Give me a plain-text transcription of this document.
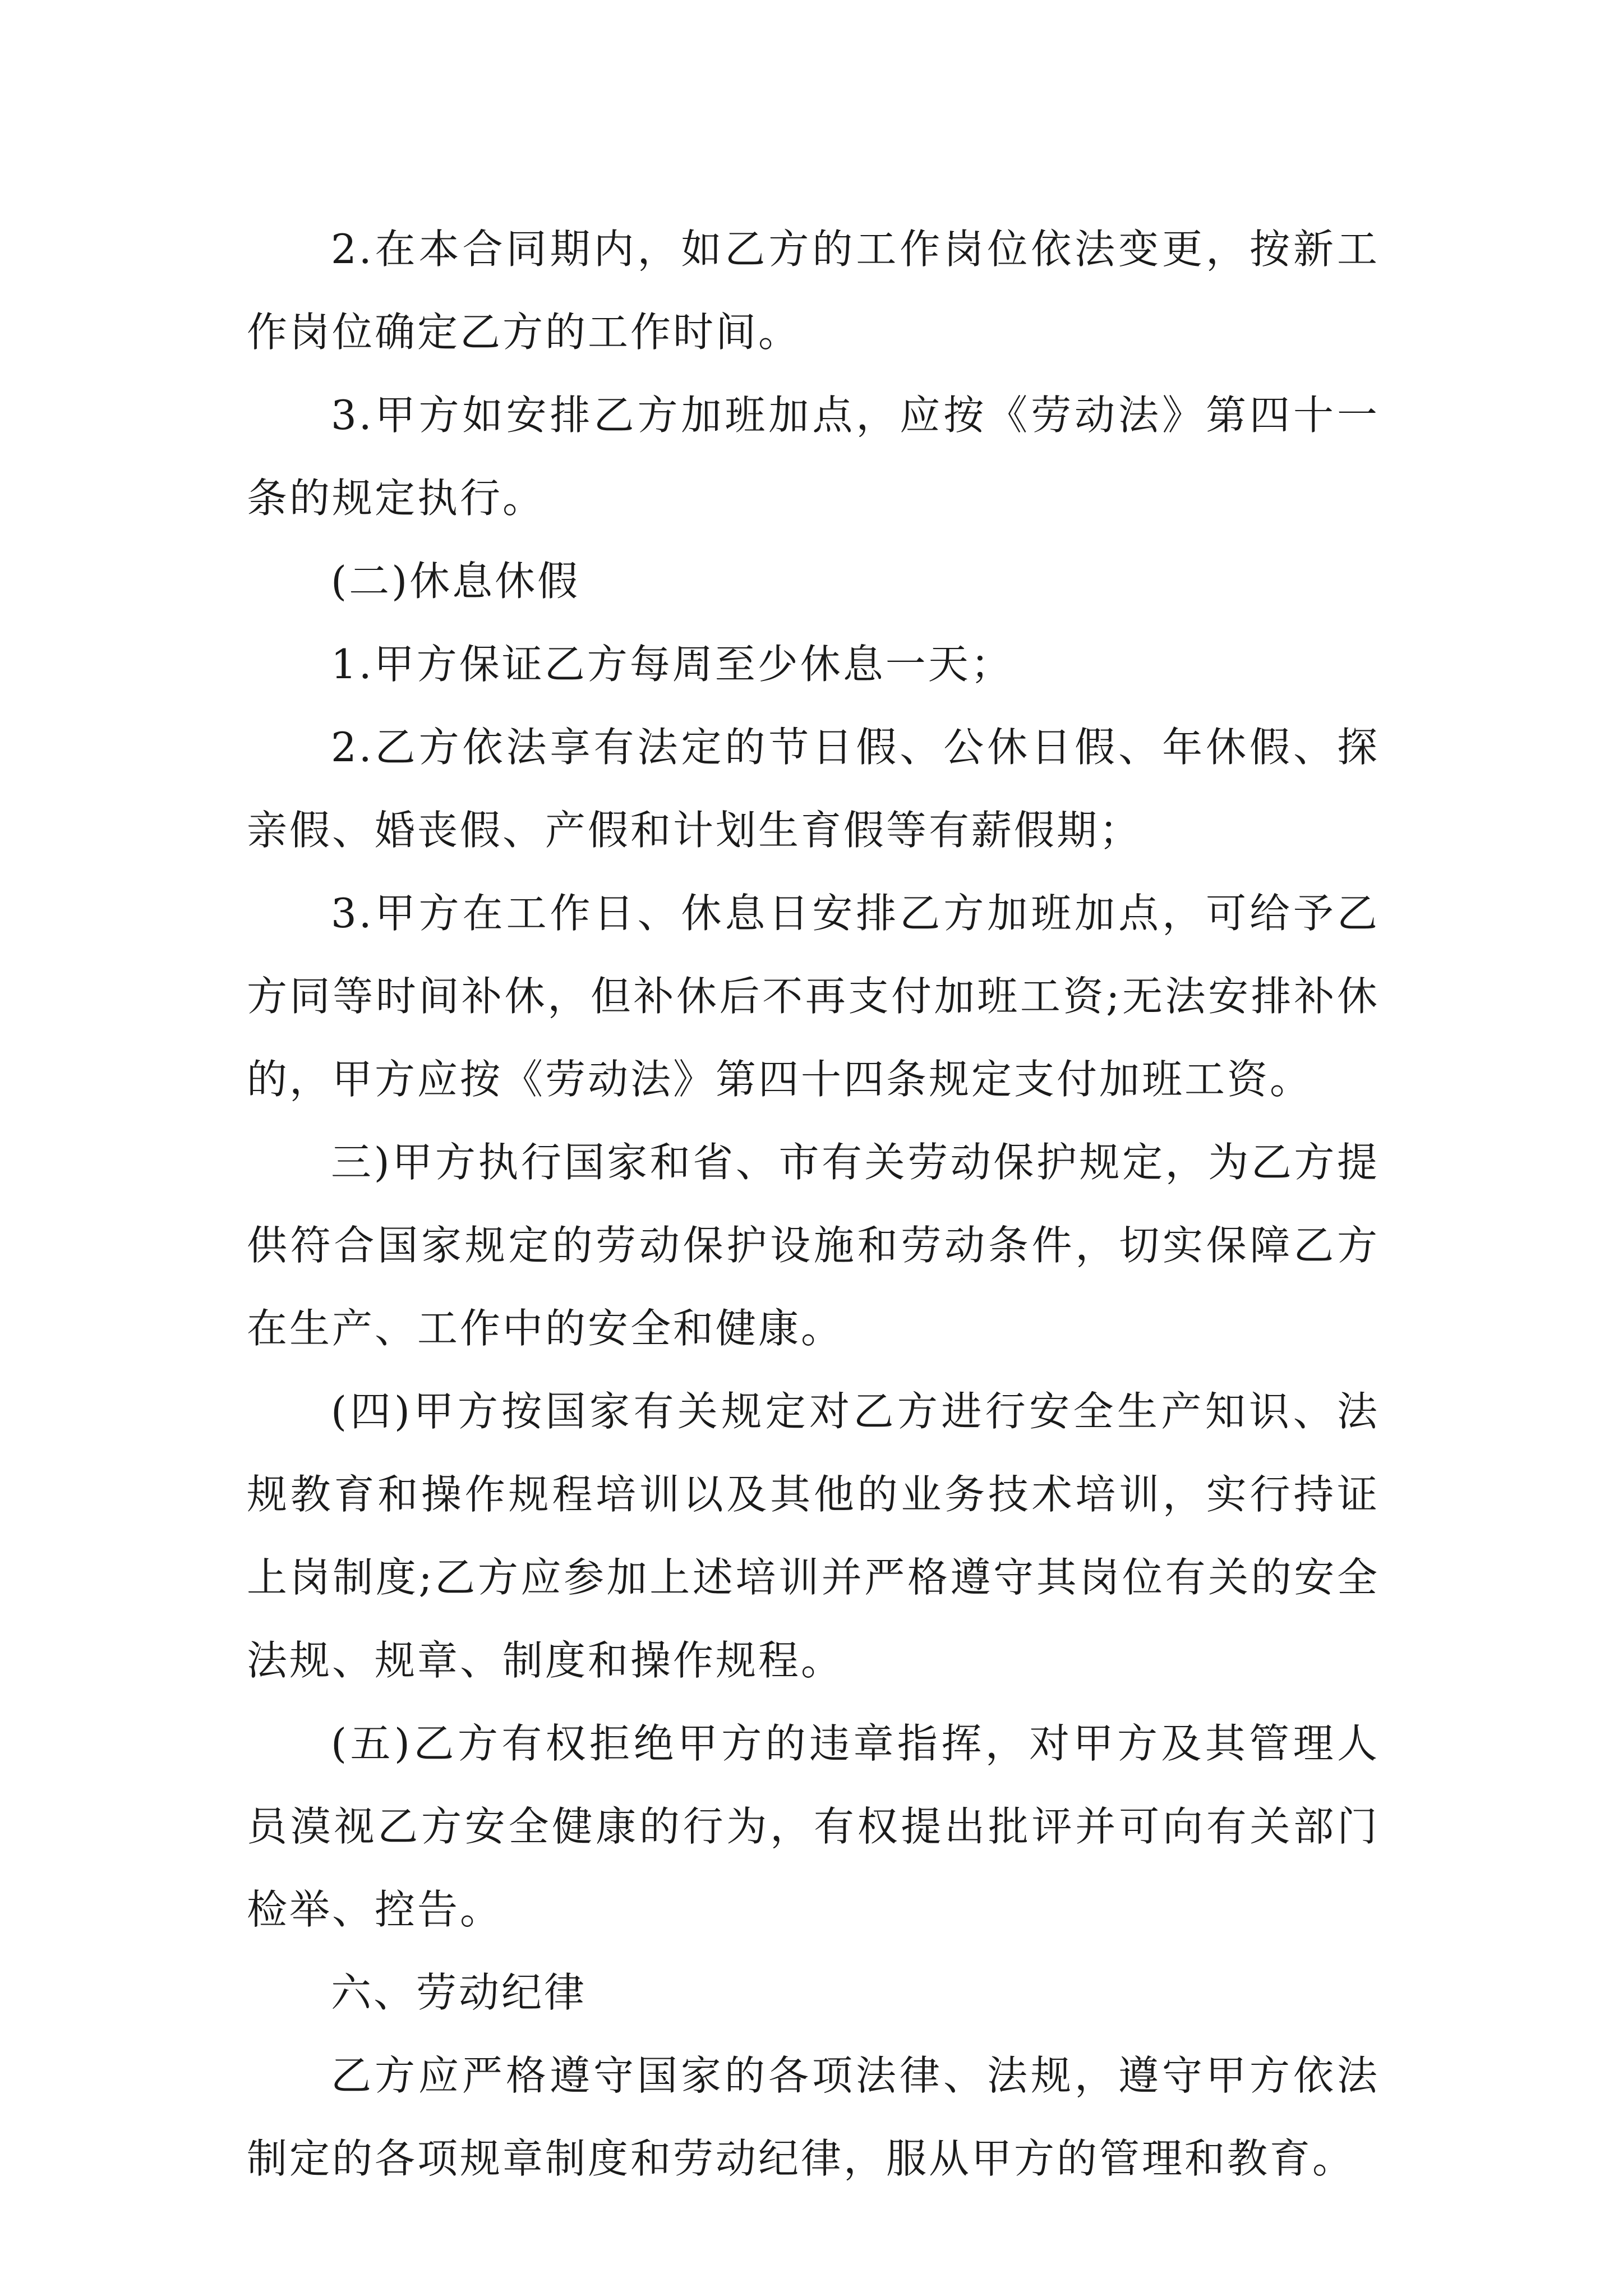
2.在本合同期内，如乙方的工作岗位依法变更，按新工作岗位确定乙方的工作时间。

3.甲方如安排乙方加班加点，应按《劳动法》第四十一条的规定执行。

(二)休息休假

1.甲方保证乙方每周至少休息一天；

2.乙方依法享有法定的节日假、公休日假、年休假、探亲假、婚丧假、产假和计划生育假等有薪假期；

3.甲方在工作日、休息日安排乙方加班加点，可给予乙方同等时间补休，但补休后不再支付加班工资;无法安排补休的，甲方应按《劳动法》第四十四条规定支付加班工资。

三)甲方执行国家和省、市有关劳动保护规定，为乙方提供符合国家规定的劳动保护设施和劳动条件，切实保障乙方在生产、工作中的安全和健康。

(四)甲方按国家有关规定对乙方进行安全生产知识、法规教育和操作规程培训以及其他的业务技术培训，实行持证上岗制度;乙方应参加上述培训并严格遵守其岗位有关的安全法规、规章、制度和操作规程。

(五)乙方有权拒绝甲方的违章指挥，对甲方及其管理人员漠视乙方安全健康的行为，有权提出批评并可向有关部门检举、控告。

六、劳动纪律

乙方应严格遵守国家的各项法律、法规，遵守甲方依法制定的各项规章制度和劳动纪律，服从甲方的管理和教育。
